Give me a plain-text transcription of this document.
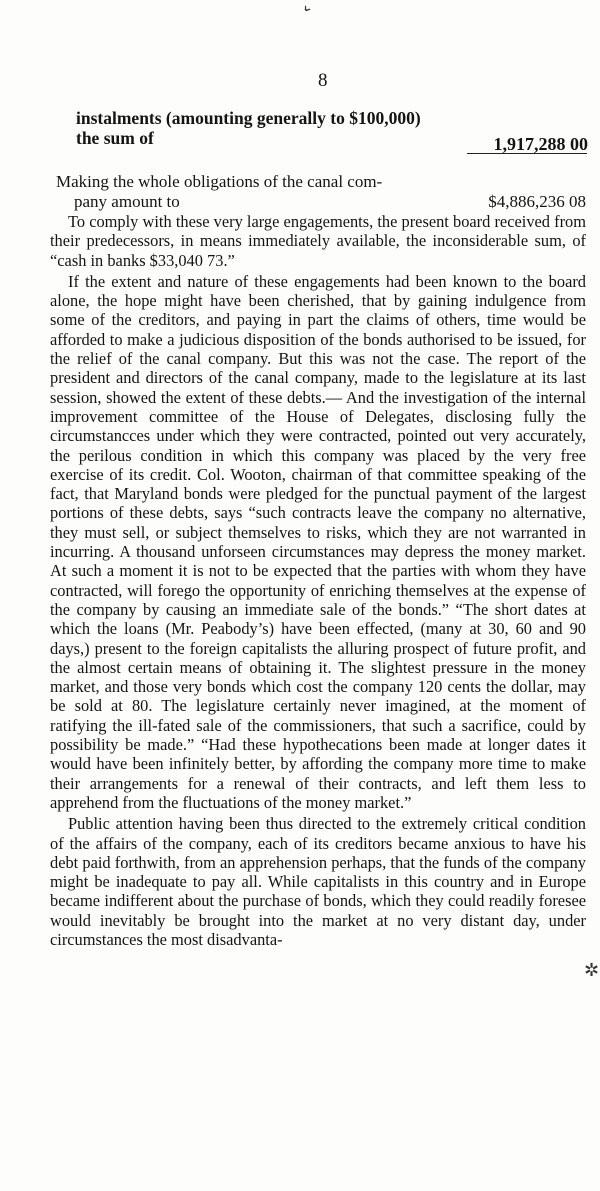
ˇ
✲
8
instalments (amounting generally to $100,000)
the sum of	1,917,288 00
Making the whole obligations of the canal com-
pany amount to	$4,886,236 08

To comply with these very large engagements, the present board received from their predecessors, in means immediately available, the inconsiderable sum, of “cash in banks $33,040 73.”

If the extent and nature of these engagements had been known to the board alone, the hope might have been cherished, that by gaining indulgence from some of the creditors, and paying in part the claims of others, time would be afforded to make a judicious disposition of the bonds authorised to be issued, for the relief of the canal company. But this was not the case. The report of the president and directors of the canal company, made to the legislature at its last session, showed the extent of these debts.— And the investigation of the internal improvement committee of the House of Delegates, disclosing fully the circumstancces under which they were contracted, pointed out very accurately, the perilous condition in which this company was placed by the very free exercise of its credit. Col. Wooton, chairman of that committee speaking of the fact, that Maryland bonds were pledged for the punctual payment of the largest portions of these debts, says “such contracts leave the company no alternative, they must sell, or subject themselves to risks, which they are not warranted in incurring. A thousand unforseen circumstances may depress the money market. At such a moment it is not to be expected that the parties with whom they have contracted, will forego the opportunity of enriching themselves at the expense of the company by causing an immediate sale of the bonds.” “The short dates at which the loans (Mr. Peabody’s) have been effected, (many at 30, 60 and 90 days,) present to the foreign capitalists the alluring prospect of future profit, and the almost certain means of obtaining it. The slightest pressure in the money market, and those very bonds which cost the company 120 cents the dollar, may be sold at 80. The legislature certainly never imagined, at the moment of ratifying the ill-fated sale of the commissioners, that such a sacrifice, could by possibility be made.” “Had these hypothecations been made at longer dates it would have been infinitely better, by affording the company more time to make their arrangements for a renewal of their contracts, and left them less to apprehend from the fluctuations of the money market.”

Public attention having been thus directed to the extremely critical condition of the affairs of the company, each of its creditors became anxious to have his debt paid forthwith, from an apprehension perhaps, that the funds of the company might be inadequate to pay all. While capitalists in this country and in Europe became indifferent about the purchase of bonds, which they could readily foresee would inevitably be brought into the market at no very distant day, under circumstances the most disadvanta-
